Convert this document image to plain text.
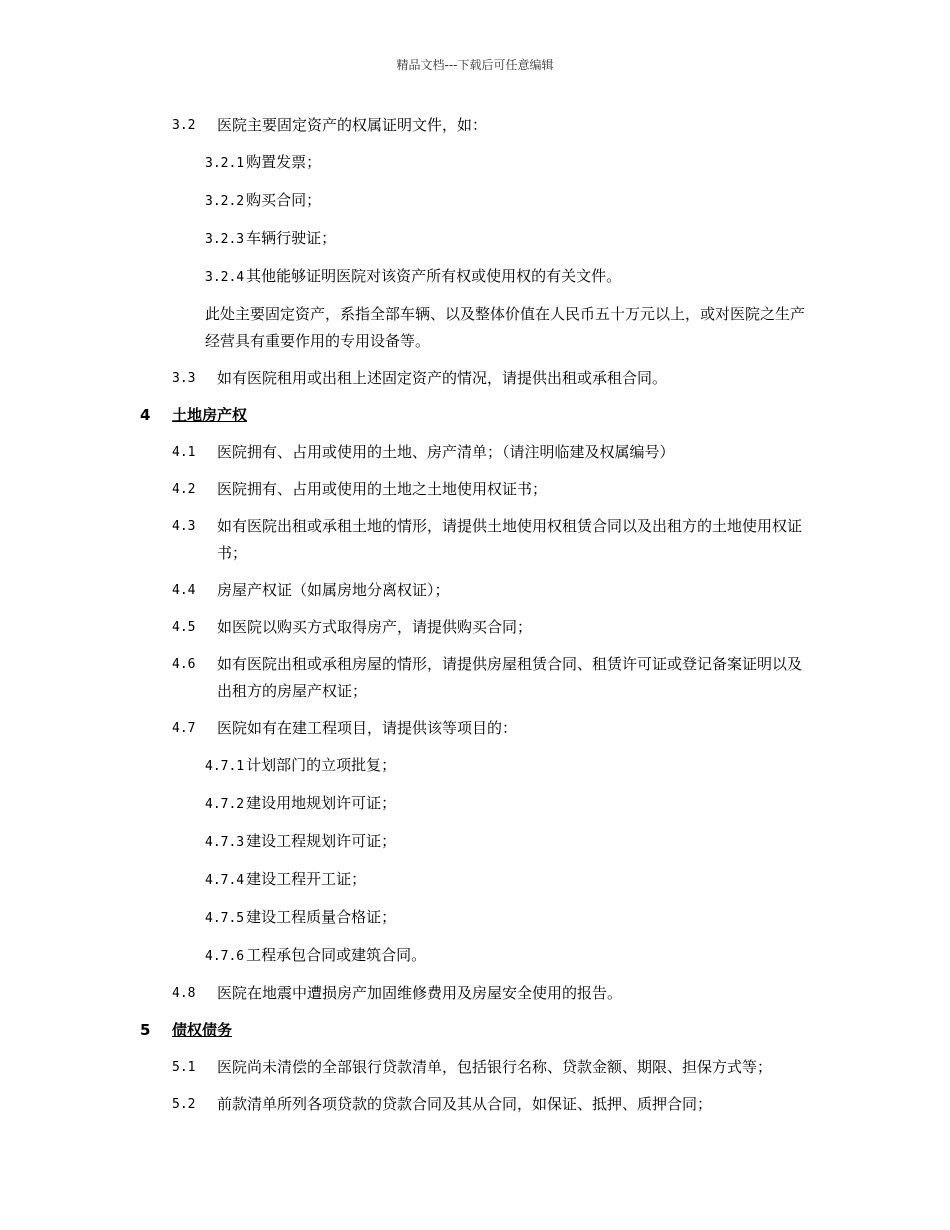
精品文档---下载后可任意编辑
3.2 医院主要固定资产的权属证明文件，如：
3.2.1 购置发票；
3.2.2 购买合同；
3.2.3 车辆行驶证；
3.2.4 其他能够证明医院对该资产所有权或使用权的有关文件。
此处主要固定资产，系指全部车辆、以及整体价值在人民币五十万元以上，或对医院之生产经营具有重要作用的专用设备等。
3.3 如有医院租用或出租上述固定资产的情况，请提供出租或承租合同。
4 土地房产权
4.1 医院拥有、占用或使用的土地、房产清单；（请注明临建及权属编号）
4.2 医院拥有、占用或使用的土地之土地使用权证书；
4.3 如有医院出租或承租土地的情形，请提供土地使用权租赁合同以及出租方的土地使用权证书；
4.4 房屋产权证（如属房地分离权证）；
4.5 如医院以购买方式取得房产，请提供购买合同；
4.6 如有医院出租或承租房屋的情形，请提供房屋租赁合同、租赁许可证或登记备案证明以及出租方的房屋产权证；
4.7 医院如有在建工程项目，请提供该等项目的：
4.7.1 计划部门的立项批复；
4.7.2 建设用地规划许可证；
4.7.3 建设工程规划许可证；
4.7.4 建设工程开工证；
4.7.5 建设工程质量合格证；
4.7.6 工程承包合同或建筑合同。
4.8 医院在地震中遭损房产加固维修费用及房屋安全使用的报告。
5 债权债务
5.1 医院尚未清偿的全部银行贷款清单，包括银行名称、贷款金额、期限、担保方式等；
5.2 前款清单所列各项贷款的贷款合同及其从合同，如保证、抵押、质押合同；
